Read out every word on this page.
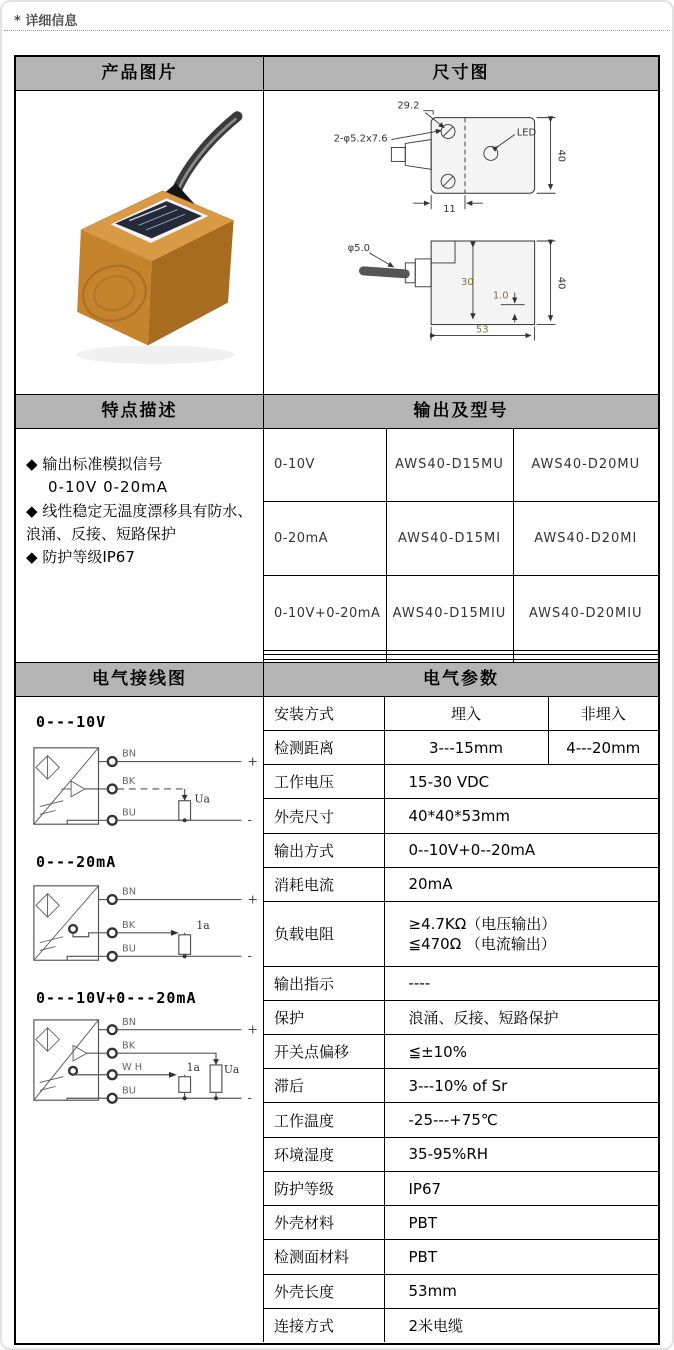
* 详细信息
产品图片	尺寸图
LED
29.2
2-φ5.2x7.6
40
11
φ5.0
30
1.0
53
40
特点描述	输出及型号
◆ 输出标准模拟信号
0-10V 0-20mA
◆ 线性稳定无温度漂移具有防水、浪涌、反接、短路保护
◆ 防护等级IP67
0-10V	AWS40-D15MU	AWS40-D20MU
0-20mA	AWS40-D15MI	AWS40-D20MI
0-10V+0-20mA	AWS40-D15MIU	AWS40-D20MIU

电气接线图	电气参数
0---10V
BN
BK
BU
Ua
+
-
0---20mA
BN
BK
BU
1a
+
-
0---10V+0---20mA
BN
BK
W H
BU
1a Ua
+
-
安装方式	埋入	非埋入
检测距离	3---15mm	4---20mm
工作电压	15-30 VDC	
外壳尺寸	40*40*53mm	
输出方式	0--10V+0--20mA	
消耗电流	20mA	
负载电阻	≥4.7KΩ（电压输出）
≦470Ω （电流输出）	

输出指示	----	
保护	浪涌、反接、短路保护	
开关点偏移	≦±10%	
滞后	3---10% of Sr	
工作温度	-25---+75℃	
环境湿度	35-95%RH	
防护等级	IP67	
外壳材料	PBT	
检测面材料	PBT	
外壳长度	53mm	
连接方式	2米电缆	
